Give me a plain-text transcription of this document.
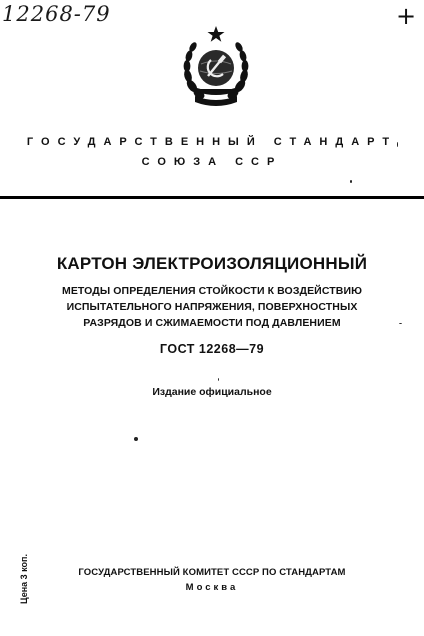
12268-79	+
ГОСУДАРСТВЕННЫЙ СТАНДАРТ
СОЮЗА ССР
КАРТОН ЭЛЕКТРОИЗОЛЯЦИОННЫЙ
МЕТОДЫ ОПРЕДЕЛЕНИЯ СТОЙКОСТИ К ВОЗДЕЙСТВИЮ
ИСПЫТАТЕЛЬНОГО НАПРЯЖЕНИЯ, ПОВЕРХНОСТНЫХ
РАЗРЯДОВ И СЖИМАЕМОСТИ ПОД ДАВЛЕНИЕМ
ГОСТ 12268—79
Издание официальное
Цена 3 коп.	ГОСУДАРСТВЕННЫЙ КОМИТЕТ СССР ПО СТАНДАРТАМ
Москва
